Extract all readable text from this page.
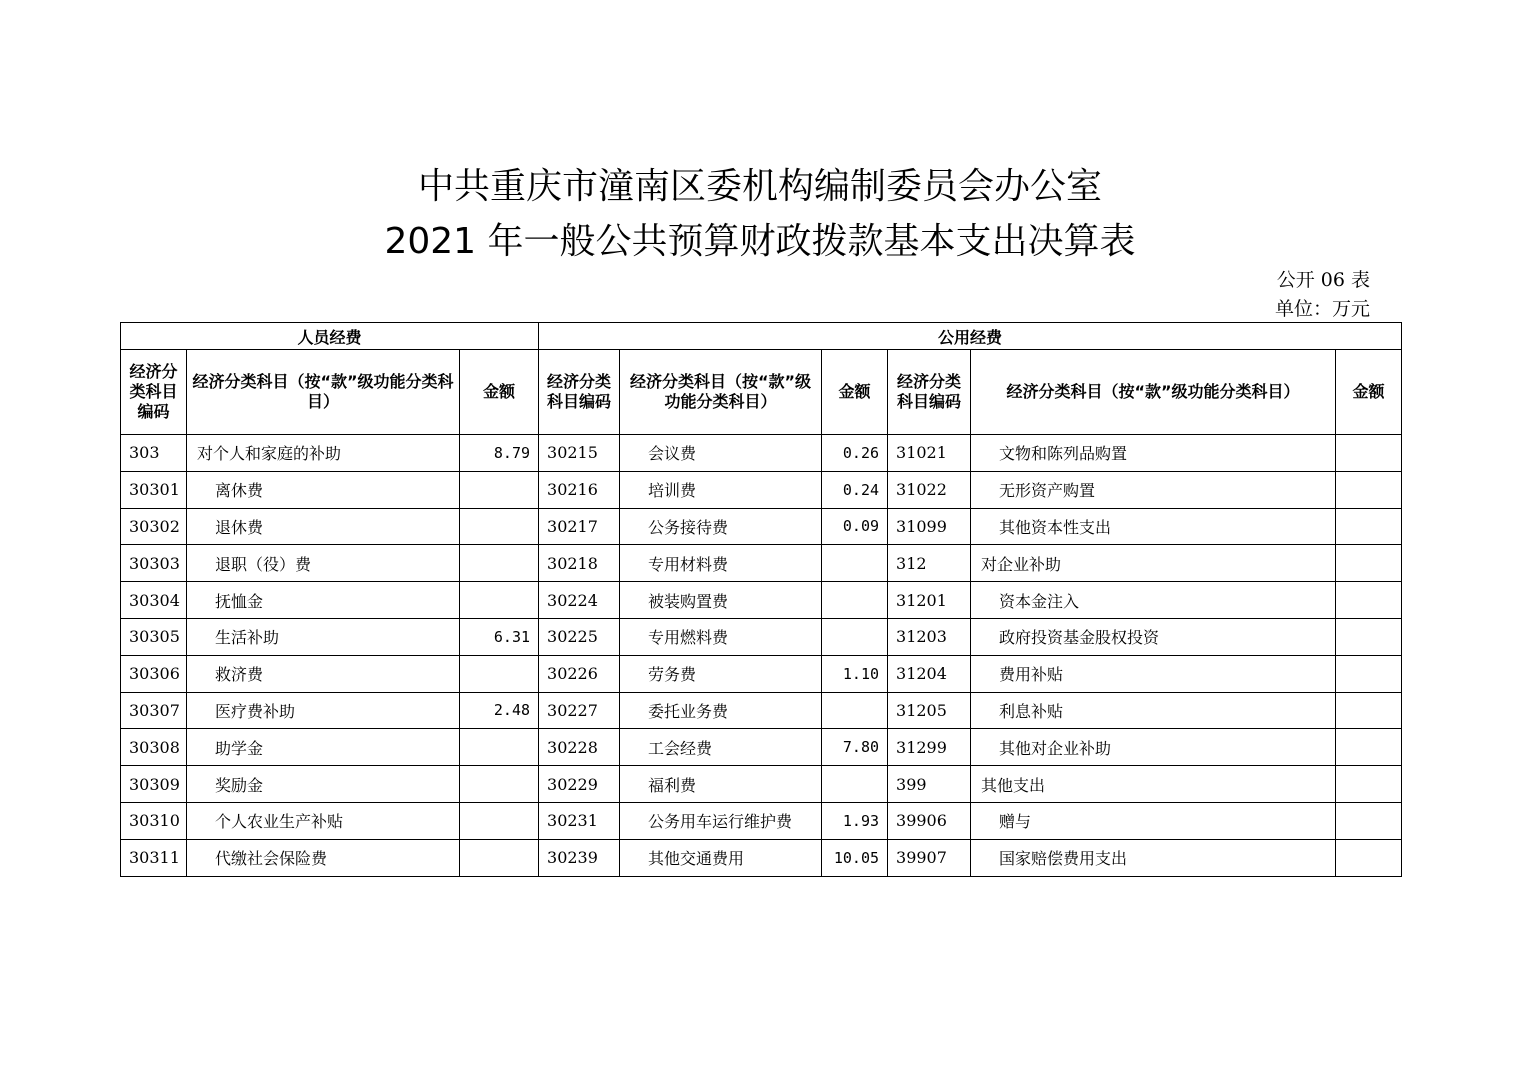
中共重庆市潼南区委机构编制委员会办公室
2021 年一般公共预算财政拨款基本支出决算表
公开 06 表
单位：万元
人员经费			公用经费					
经济分类科目编码	经济分类科目（按“款”级功能分类科目）	金额	经济分类科目编码	经济分类科目（按“款”级功能分类科目）	金额	经济分类科目编码	经济分类科目（按“款”级功能分类科目）	金额
303	对个人和家庭的补助	8.79	30215	会议费	0.26	31021	文物和陈列品购置	
30301	离休费		30216	培训费	0.24	31022	无形资产购置	
30302	退休费		30217	公务接待费	0.09	31099	其他资本性支出	
30303	退职（役）费		30218	专用材料费		312	对企业补助	
30304	抚恤金		30224	被装购置费		31201	资本金注入	
30305	生活补助	6.31	30225	专用燃料费		31203	政府投资基金股权投资	
30306	救济费		30226	劳务费	1.10	31204	费用补贴	
30307	医疗费补助	2.48	30227	委托业务费		31205	利息补贴	
30308	助学金		30228	工会经费	7.80	31299	其他对企业补助	
30309	奖励金		30229	福利费		399	其他支出	
30310	个人农业生产补贴		30231	公务用车运行维护费	1.93	39906	赠与	
30311	代缴社会保险费		30239	其他交通费用	10.05	39907	国家赔偿费用支出	
